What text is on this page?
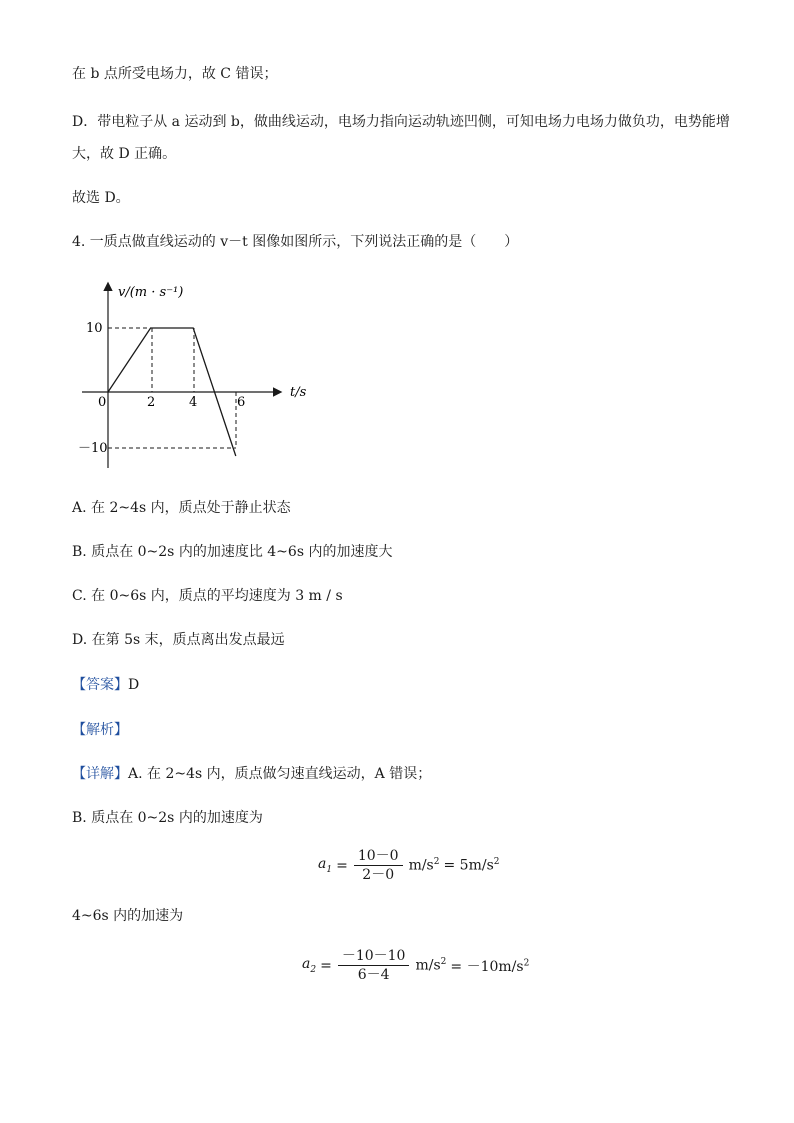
在 b 点所受电场力，故 C 错误；

D．带电粒子从 a 运动到 b，做曲线运动，电场力指向运动轨迹凹侧，可知电场力电场力做负功，电势能增

大，故 D 正确。

故选 D。

4. 一质点做直线运动的 v－t 图像如图所示，下列说法正确的是（　　）

v/(m · s⁻¹)
t/s
0	2	4	6
10
－10

A. 在 2~4s 内，质点处于静止状态

B. 质点在 0~2s 内的加速度比 4~6s 内的加速度大

C. 在 0~6s 内，质点的平均速度为 3 m / s

D. 在第 5s 末，质点离出发点最远

【答案】D

【解析】

【详解】A. 在 2~4s 内，质点做匀速直线运动，A 错误；

B. 质点在 0~2s 内的加速度为

$a_1 = \frac{10-0}{2-0} m/s^2 = 5m/s^2$

4~6s 内的加速为

$a_2 = \frac{-10-10}{6-4} m/s^2 = -10m/s^2$
